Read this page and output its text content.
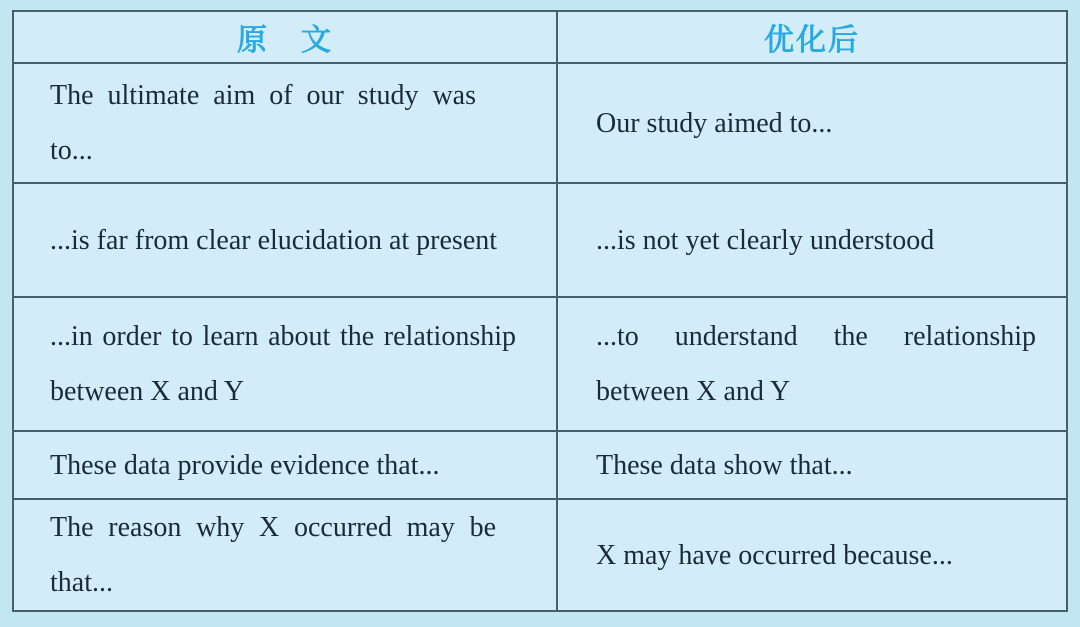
原　文	优化后
The ultimate aim of our study was to...	Our study aimed to...
...is far from clear elucidation at present	...is not yet clearly understood
...in order to learn about the relationship between X and Y	...to understand the relationship between X and Y
These data provide evidence that...	These data show that...
The reason why X occurred may be that...	X may have occurred because...
